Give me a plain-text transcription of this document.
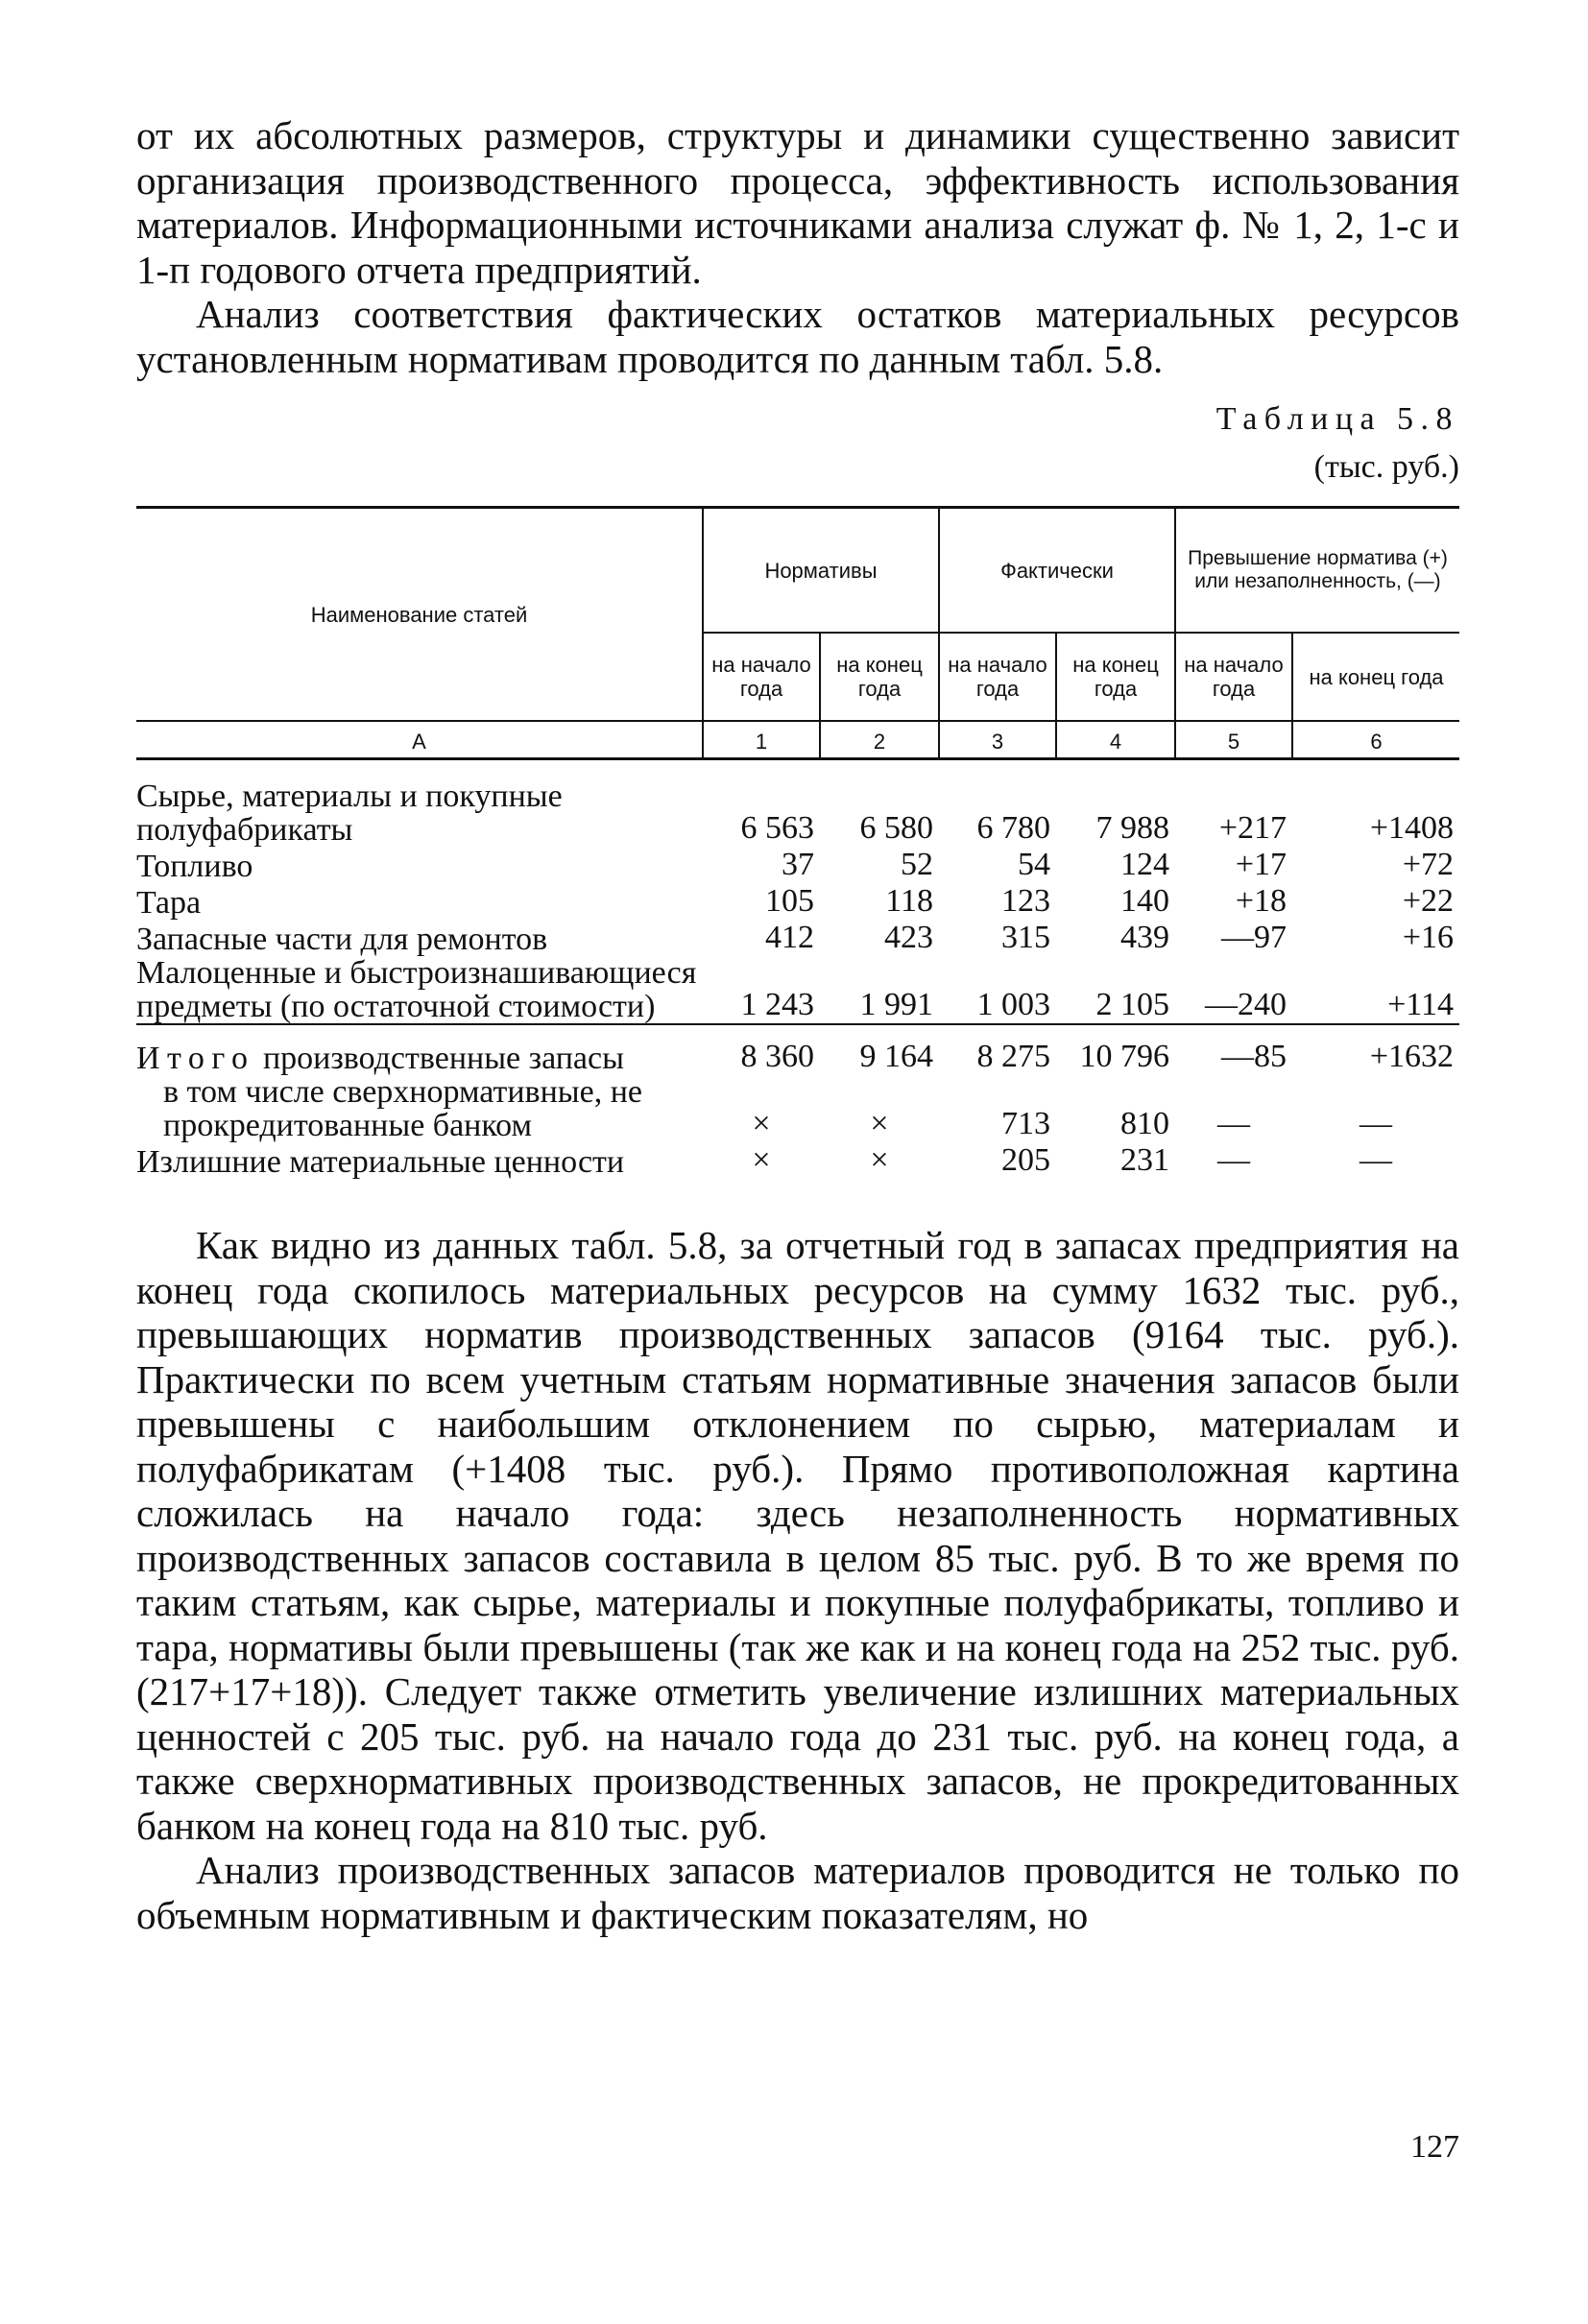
от их абсолютных размеров, структуры и динамики существенно зависит организация производственного процесса, эффективность использования материалов. Информационными источниками анализа служат ф. № 1, 2, 1-с и 1-п годового отчета предприятий.

Анализ соответствия фактических остатков материальных ресурсов установленным нормативам проводится по данным табл. 5.8.

Таблица 5.8
(тыс. руб.)
Наименование статей	Нормативы		Фактически		Превышение норматива (+) или незаполненность, (—)	
	на начало года	на конец года	на начало года	на конец года		
					на начало года	на конец года
А	1	2	3	4	5	6

Сырье, материалы и покупные полуфабрикаты	6 563	6 580	6 780	7 988	+217	+1408
Топливо	37	52	54	124	+17	+72
Тара	105	118	123	140	+18	+22
Запасные части для ремонтов	412	423	315	439	—97	+16
Малоценные и быстроизнашивающиеся предметы (по остаточной стоимости)	1 243	1 991	1 003	2 105	—240	+114

Итого производственные запасы	8 360	9 164	8 275	10 796	—85	+1632
в том числе сверхнормативные, не прокредитованные банком	×	×	713	810	—	—
Излишние материальные ценности	×	×	205	231	—	—

Как видно из данных табл. 5.8, за отчетный год в запасах предприятия на конец года скопилось материальных ресурсов на сумму 1632 тыс. руб., превышающих норматив производственных запасов (9164 тыс. руб.). Практически по всем учетным статьям нормативные значения запасов были превышены с наибольшим отклонением по сырью, материалам и полуфабрикатам (+1408 тыс. руб.). Прямо противоположная картина сложилась на начало года: здесь незаполненность нормативных производственных запасов составила в целом 85 тыс. руб. В то же время по таким статьям, как сырье, материалы и покупные полуфабрикаты, топливо и тара, нормативы были превышены (так же как и на конец года на 252 тыс. руб. (217+17+18)). Следует также отметить увеличение излишних материальных ценностей с 205 тыс. руб. на начало года до 231 тыс. руб. на конец года, а также сверхнормативных производственных запасов, не прокредитованных банком на конец года на 810 тыс. руб.

Анализ производственных запасов материалов проводится не только по объемным нормативным и фактическим показателям, но

127
